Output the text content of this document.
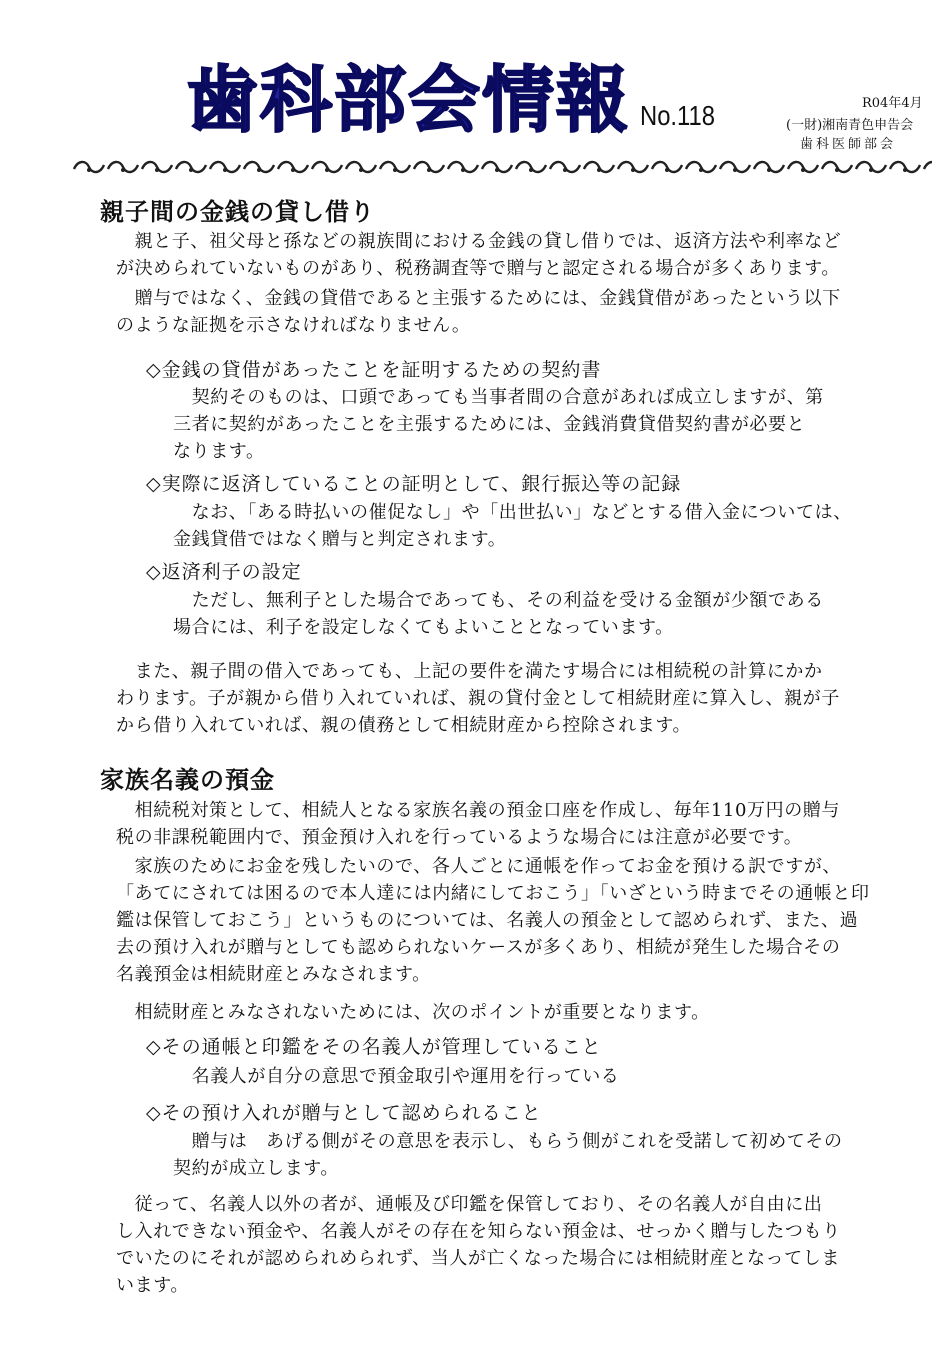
歯科部会情報 No.118	R04年4月
(一財)湘南青色申告会
歯科医師部会
親子間の金銭の貸し借り

　親と子、祖父母と孫などの親族間における金銭の貸し借りでは、返済方法や利率など

が決められていないものがあり、税務調査等で贈与と認定される場合が多くあります。

　贈与ではなく、金銭の貸借であると主張するためには、金銭貸借があったという以下

のような証拠を示さなければなりません。

◇金銭の貸借があったことを証明するための契約書

　契約そのものは、口頭であっても当事者間の合意があれば成立しますが、第

三者に契約があったことを主張するためには、金銭消費貸借契約書が必要と

なります。

◇実際に返済していることの証明として、銀行振込等の記録

　なお、「ある時払いの催促なし」や「出世払い」などとする借入金については、

金銭貸借ではなく贈与と判定されます。

◇返済利子の設定

　ただし、無利子とした場合であっても、その利益を受ける金額が少額である

場合には、利子を設定しなくてもよいこととなっています。

　また、親子間の借入であっても、上記の要件を満たす場合には相続税の計算にかか

わります。子が親から借り入れていれば、親の貸付金として相続財産に算入し、親が子

から借り入れていれば、親の債務として相続財産から控除されます。

家族名義の預金

　相続税対策として、相続人となる家族名義の預金口座を作成し、毎年110万円の贈与

税の非課税範囲内で、預金預け入れを行っているような場合には注意が必要です。

　家族のためにお金を残したいので、各人ごとに通帳を作ってお金を預ける訳ですが、

「あてにされては困るので本人達には内緒にしておこう」「いざという時までその通帳と印

鑑は保管しておこう」というものについては、名義人の預金として認められず、また、過

去の預け入れが贈与としても認められないケースが多くあり、相続が発生した場合その

名義預金は相続財産とみなされます。

　相続財産とみなされないためには、次のポイントが重要となります。

◇その通帳と印鑑をその名義人が管理していること

　名義人が自分の意思で預金取引や運用を行っている

◇その預け入れが贈与として認められること

　贈与は　あげる側がその意思を表示し、もらう側がこれを受諾して初めてその

契約が成立します。

　従って、名義人以外の者が、通帳及び印鑑を保管しており、その名義人が自由に出

し入れできない預金や、名義人がその存在を知らない預金は、せっかく贈与したつもり

でいたのにそれが認められめられず、当人が亡くなった場合には相続財産となってしま

います。
